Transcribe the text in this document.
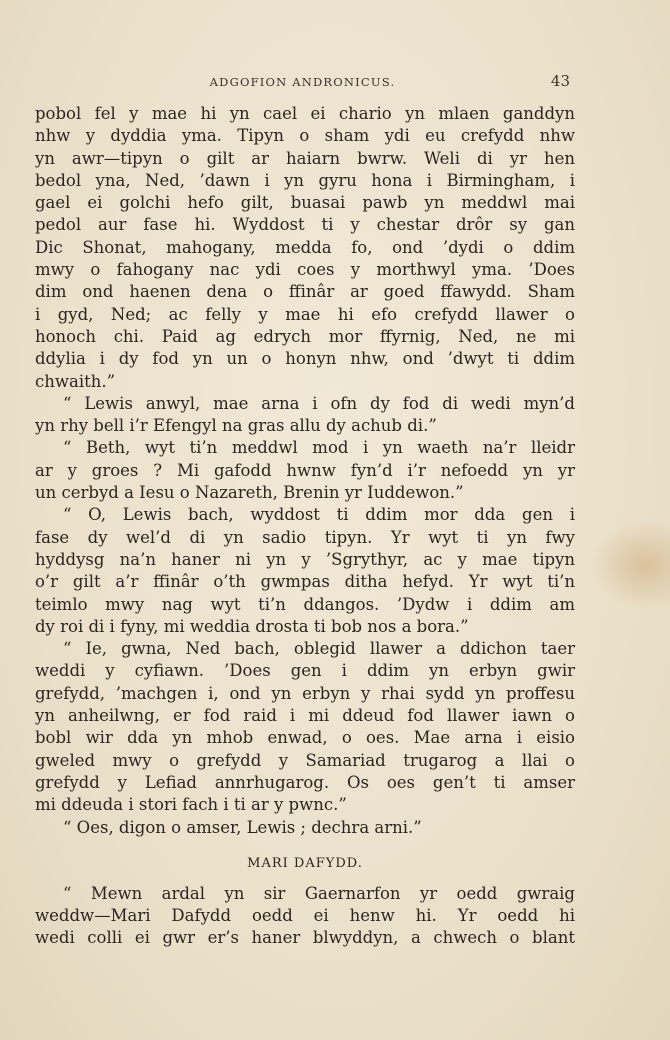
ADGOFION ANDRONICUS.	43
pobol fel y mae hi yn cael ei chario yn mlaen ganddyn
nhw y dyddia yma. Tipyn o sham ydi eu crefydd nhw
yn awr—tipyn o gilt ar haiarn bwrw. Weli di yr hen
bedol yna, Ned, ’dawn i yn gyru hona i Birmingham, i
gael ei golchi hefo gilt, buasai pawb yn meddwl mai
pedol aur fase hi. Wyddost ti y chestar drôr sy gan
Dic Shonat, mahogany, medda fo, ond ’dydi o ddim
mwy o fahogany nac ydi coes y morthwyl yma. ’Does
dim ond haenen dena o ffinâr ar goed ffawydd. Sham
i gyd, Ned; ac felly y mae hi efo crefydd llawer o
honoch chi. Paid ag edrych mor ffyrnig, Ned, ne mi
ddylia i dy fod yn un o honyn nhw, ond ’dwyt ti ddim
chwaith.”
“ Lewis anwyl, mae arna i ofn dy fod di wedi myn’d
yn rhy bell i’r Efengyl na gras allu dy achub di.”
“ Beth, wyt ti’n meddwl mod i yn waeth na’r lleidr
ar y groes ? Mi gafodd hwnw fyn’d i’r nefoedd yn yr
un cerbyd a Iesu o Nazareth, Brenin yr Iuddewon.”
“ O, Lewis bach, wyddost ti ddim mor dda gen i
fase dy wel’d di yn sadio tipyn. Yr wyt ti yn fwy
hyddysg na’n haner ni yn y ’Sgrythyr, ac y mae tipyn
o’r gilt a’r ffinâr o’th gwmpas ditha hefyd. Yr wyt ti’n
teimlo mwy nag wyt ti’n ddangos. ’Dydw i ddim am
dy roi di i fyny, mi weddia drosta ti bob nos a bora.”
“ Ie, gwna, Ned bach, oblegid llawer a ddichon taer
weddi y cyfiawn. ’Does gen i ddim yn erbyn gwir
grefydd, ’machgen i, ond yn erbyn y rhai sydd yn proffesu
yn anheilwng, er fod raid i mi ddeud fod llawer iawn o
bobl wir dda yn mhob enwad, o oes. Mae arna i eisio
gweled mwy o grefydd y Samariad trugarog a llai o
grefydd y Lefiad annrhugarog. Os oes gen’t ti amser
mi ddeuda i stori fach i ti ar y pwnc.”
“ Oes, digon o amser, Lewis ; dechra arni.”
MARI DAFYDD.
“ Mewn ardal yn sir Gaernarfon yr oedd gwraig
weddw—Mari Dafydd oedd ei henw hi. Yr oedd hi
wedi colli ei gwr er’s haner blwyddyn, a chwech o blant
